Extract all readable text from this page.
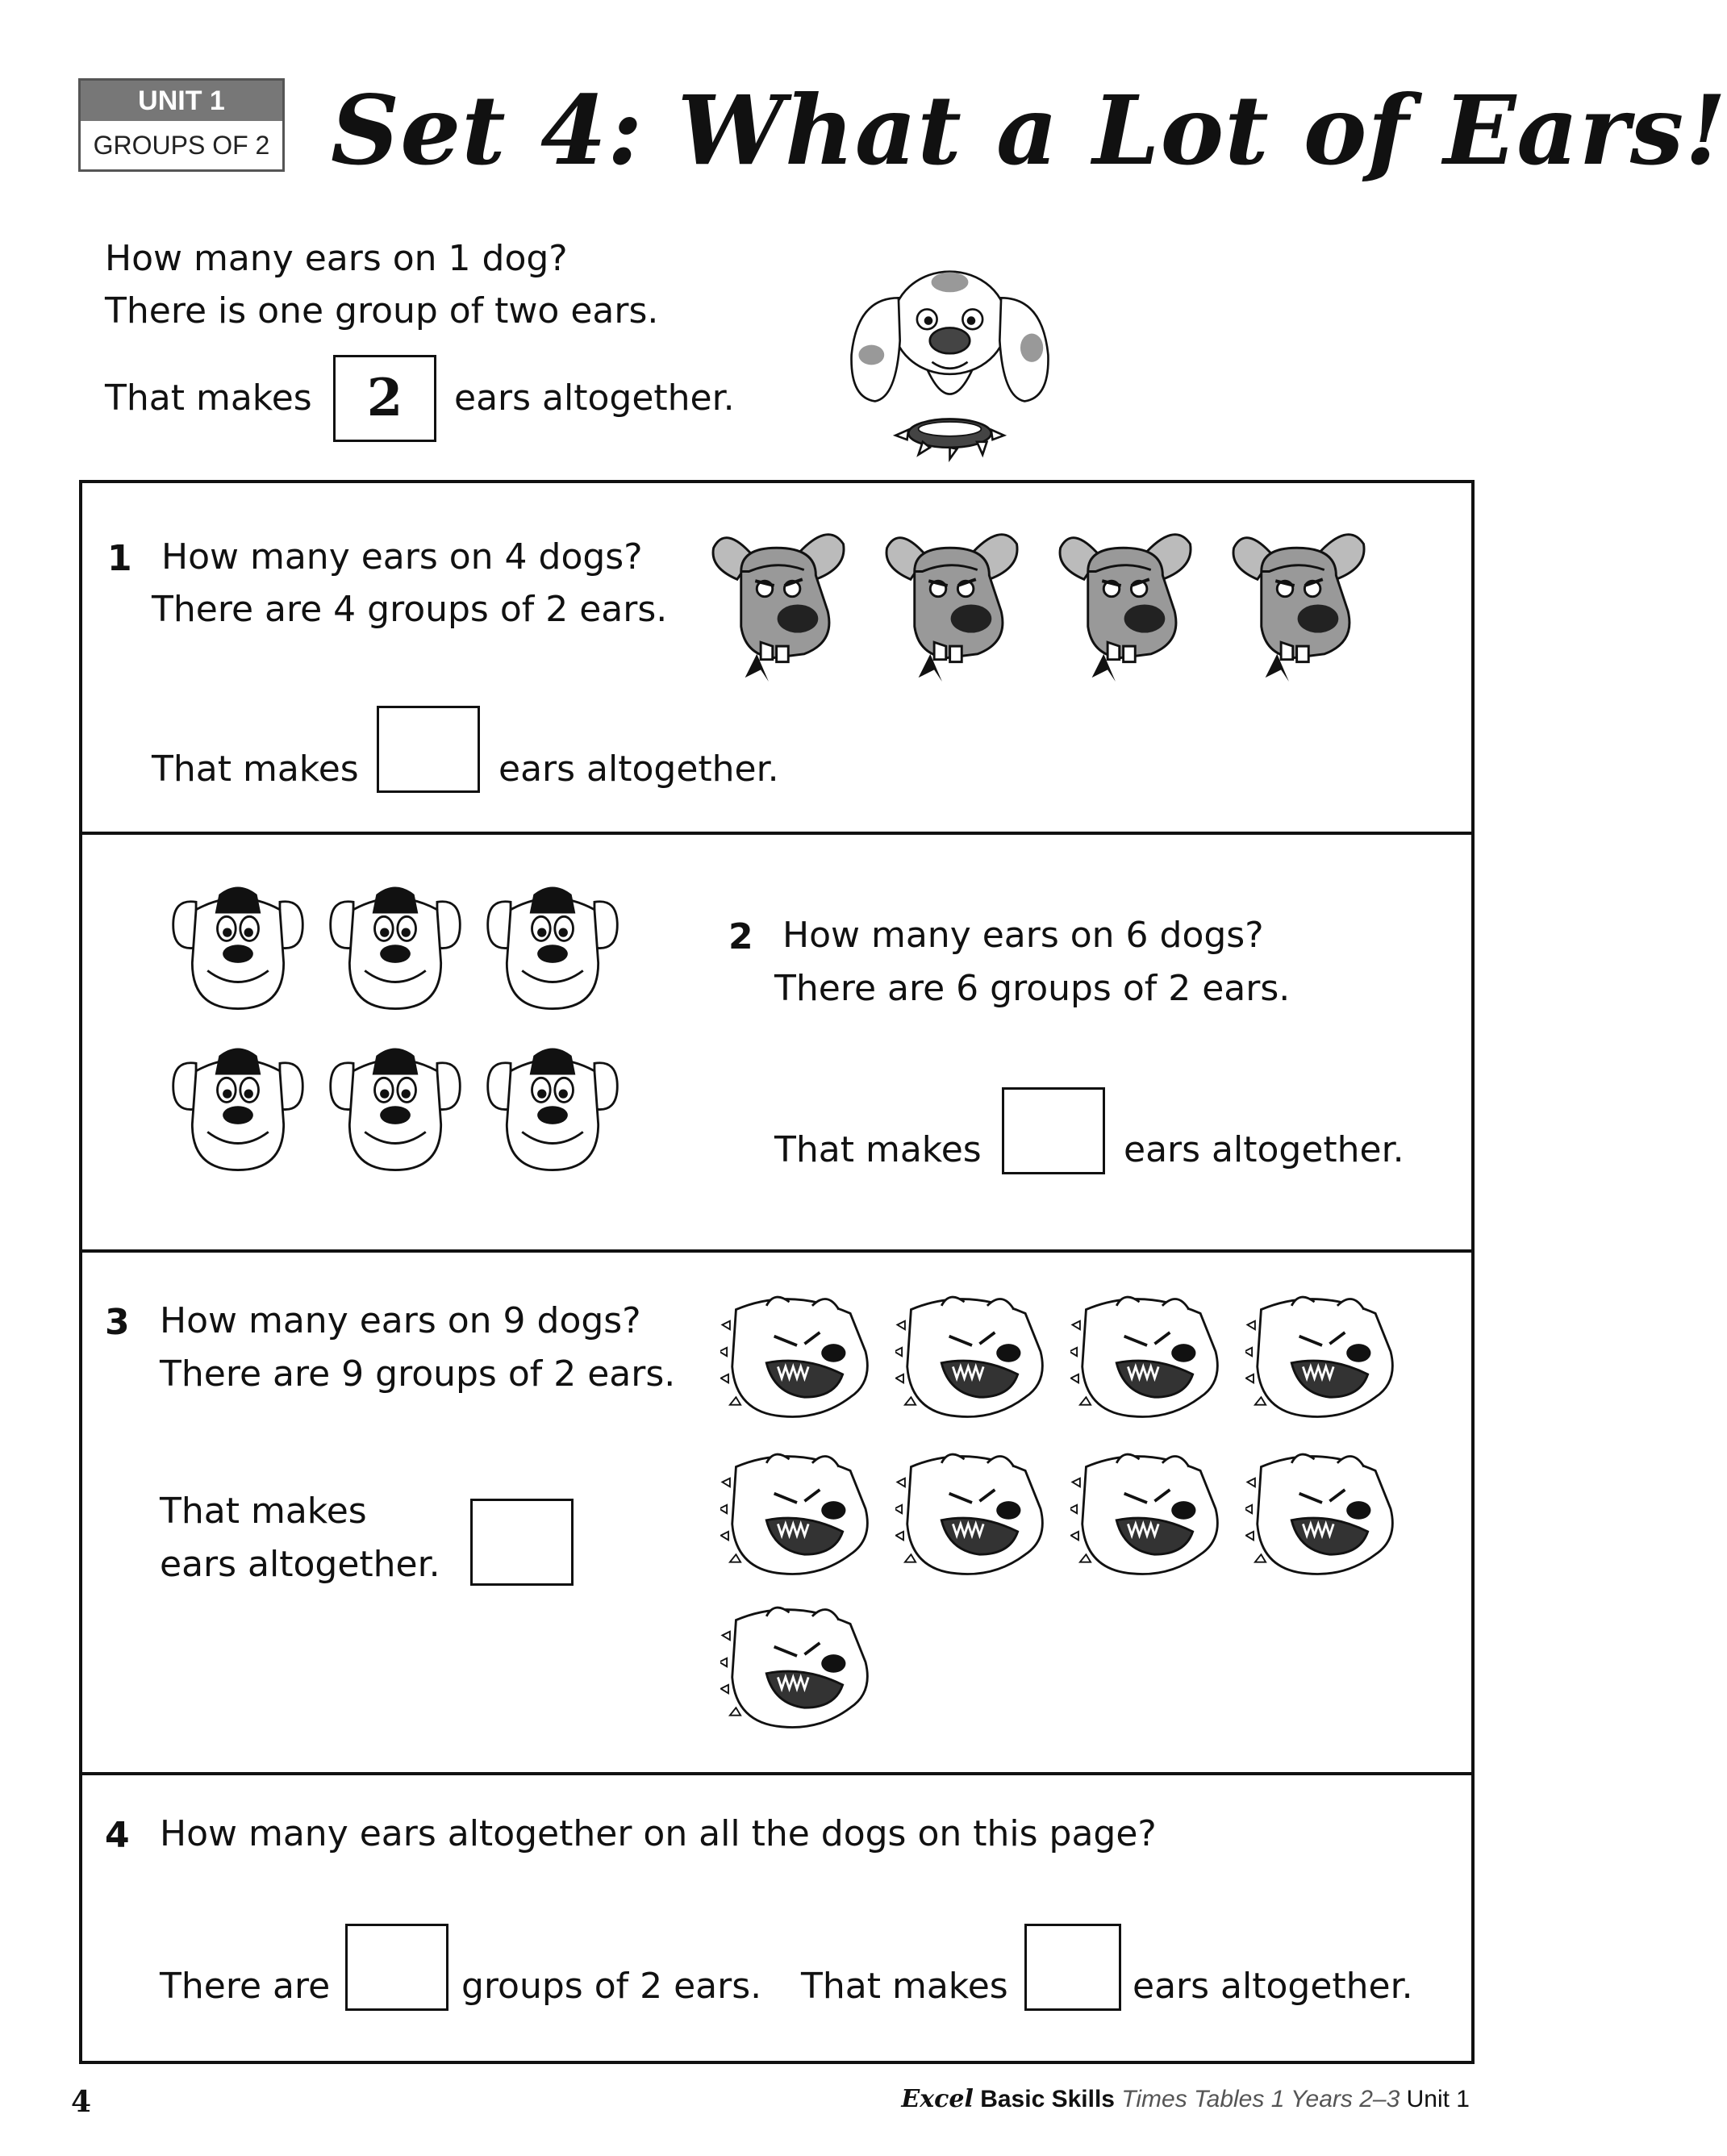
UNIT 1
GROUPS OF 2 Set 4: What a Lot of Ears!
How many ears on 1 dog?
There is one group of two ears.
That makes	2	ears altogether.
1 How many ears on 4 dogs?
There are 4 groups of 2 ears.
That makes	ears altogether.
2 How many ears on 6 dogs?
There are 6 groups of 2 ears.
That makes	ears altogether.
3 How many ears on 9 dogs?
There are 9 groups of 2 ears.
That makes
ears altogether.
4 How many ears altogether on all the dogs on this page?
There are	groups of 2 ears. That makes	ears altogether.
4	Excel Basic Skills Times Tables 1 Years 2–3 Unit 1
